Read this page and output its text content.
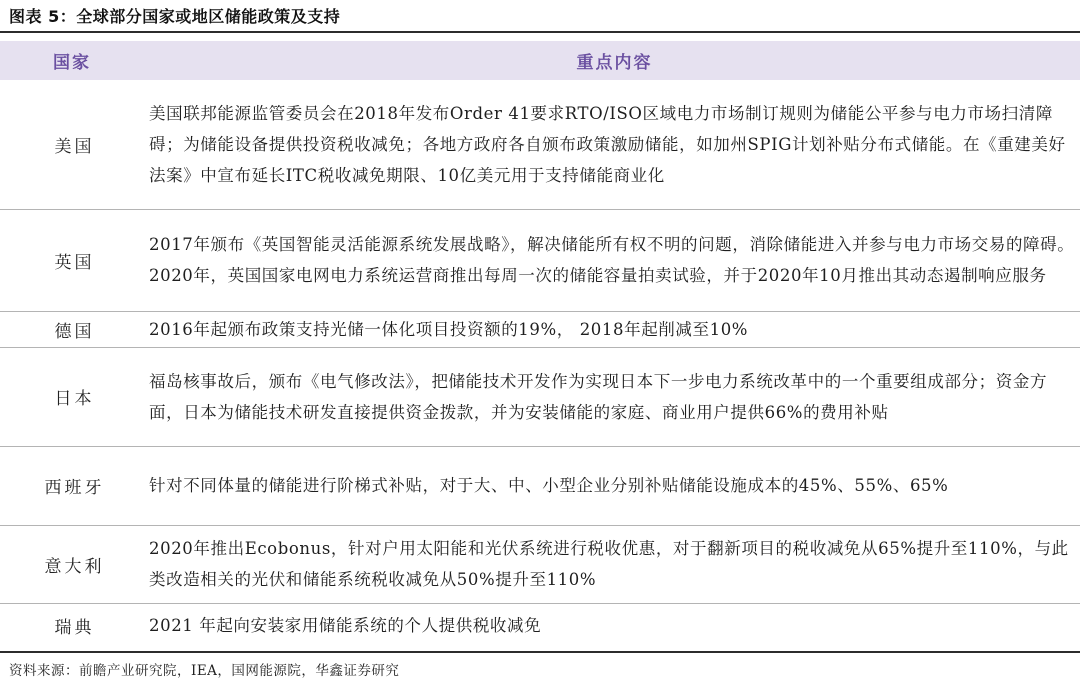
图表 5：全球部分国家或地区储能政策及支持
国家	重点内容
美国	美国联邦能源监管委员会在2018年发布Order 41要求RTO/ISO区域电力市场制订规则为储能公平参与电力市场扫清障碍；为储能设备提供投资税收减免；各地方政府各自颁布政策激励储能，如加州SPIG计划补贴分布式储能。在《重建美好法案》中宣布延长ITC税收减免期限、10亿美元用于支持储能商业化
英国	2017年颁布《英国智能灵活能源系统发展战略》，解决储能所有权不明的问题，消除储能进入并参与电力市场交易的障碍。2020年，英国国家电网电力系统运营商推出每周一次的储能容量拍卖试验，并于2020年10月推出其动态遏制响应服务
德国	2016年起颁布政策支持光储一体化项目投资额的19%， 2018年起削减至10%
日本	福岛核事故后，颁布《电气修改法》，把储能技术开发作为实现日本下一步电力系统改革中的一个重要组成部分；资金方面，日本为储能技术研发直接提供资金拨款，并为安装储能的家庭、商业用户提供66%的费用补贴
西班牙	针对不同体量的储能进行阶梯式补贴，对于大、中、小型企业分别补贴储能设施成本的45%、55%、65%
意大利	2020年推出Ecobonus，针对户用太阳能和光伏系统进行税收优惠，对于翻新项目的税收减免从65%提升至110%，与此类改造相关的光伏和储能系统税收减免从50%提升至110%
瑞典	2021 年起向安装家用储能系统的个人提供税收减免
资料来源：前瞻产业研究院，IEA，国网能源院，华鑫证券研究
